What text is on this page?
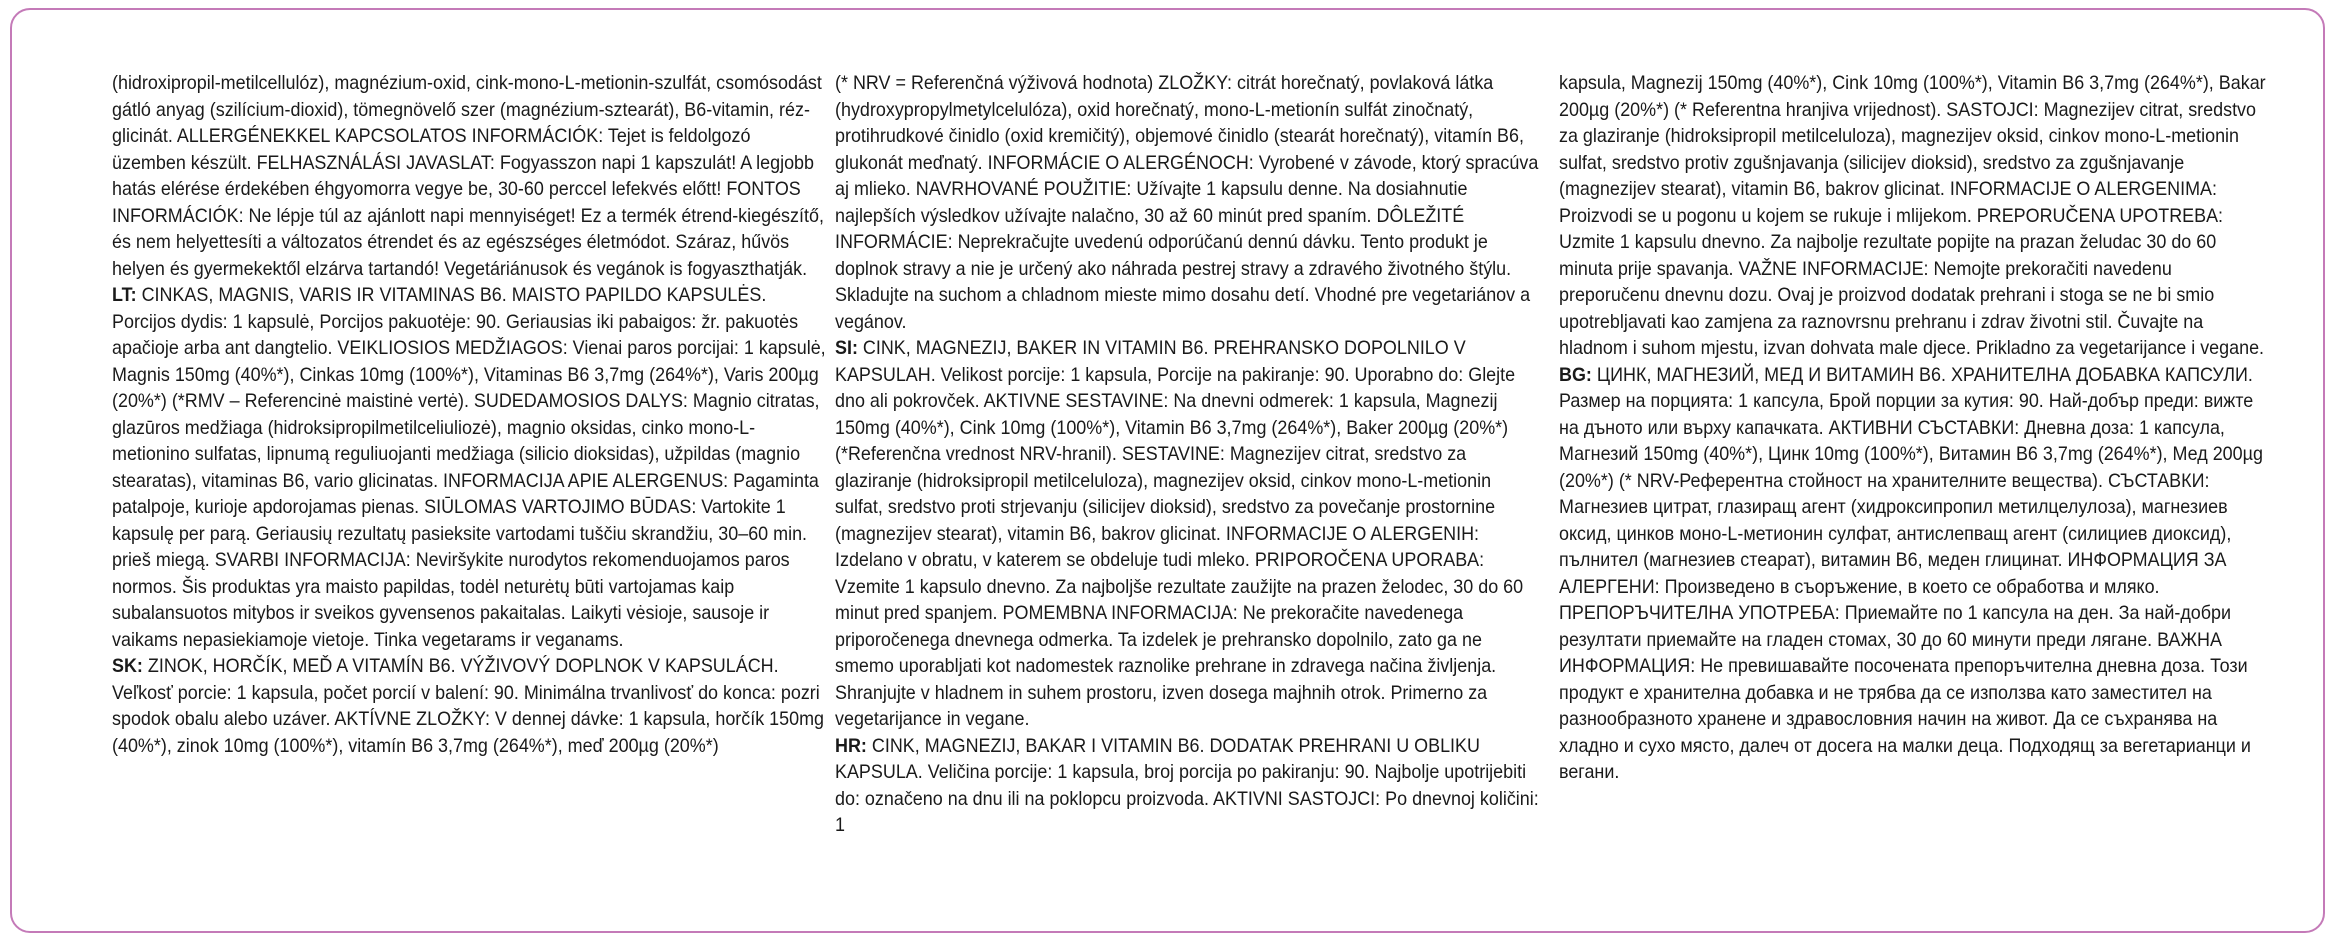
(hidroxipropil-metilcellulóz), magnézium-oxid, cink-mono-L-metionin-szulfát, csomósodást gátló anyag (szilícium-dioxid), tömegnövelő szer (magnézium-sztearát), B6-vitamin, réz-glicinát. ALLERGÉNEKKEL KAPCSOLATOS INFORMÁCIÓK: Tejet is feldolgozó üzemben készült. FELHASZNÁLÁSI JAVASLAT: Fogyasszon napi 1 kapszulát! A legjobb hatás elérése érdekében éhgyomorra vegye be, 30-60 perccel lefekvés előtt! FONTOS INFORMÁCIÓK: Ne lépje túl az ajánlott napi mennyiséget! Ez a termék étrend-kiegészítő, és nem helyettesíti a változatos étrendet és az egészséges életmódot. Száraz, hűvös helyen és gyermekektől elzárva tartandó! Vegetáriánusok és vegánok is fogyaszthatják.

LT: CINKAS, MAGNIS, VARIS IR VITAMINAS B6. MAISTO PAPILDO KAPSULĖS. Porcijos dydis: 1 kapsulė, Porcijos pakuotėje: 90. Geriausias iki pabaigos: žr. pakuotės apačioje arba ant dangtelio. VEIKLIOSIOS MEDŽIAGOS: Vienai paros porcijai: 1 kapsulė, Magnis 150mg (40%*), Cinkas 10mg (100%*), Vitaminas B6 3,7mg (264%*), Varis 200µg (20%*) (*RMV – Referencinė maistinė vertė). SUDEDAMOSIOS DALYS: Magnio citratas, glazūros medžiaga (hidroksipropilmetilceliuliozė), magnio oksidas, cinko mono-L-metionino sulfatas, lipnumą reguliuojanti medžiaga (silicio dioksidas), užpildas (magnio stearatas), vitaminas B6, vario glicinatas. INFORMACIJA APIE ALERGENUS: Pagaminta patalpoje, kurioje apdorojamas pienas. SIŪLOMAS VARTOJIMO BŪDAS: Vartokite 1 kapsulę per parą. Geriausių rezultatų pasieksite vartodami tuščiu skrandžiu, 30–60 min. prieš miegą. SVARBI INFORMACIJA: Neviršykite nurodytos rekomenduojamos paros normos. Šis produktas yra maisto papildas, todėl neturėtų būti vartojamas kaip subalansuotos mitybos ir sveikos gyvensenos pakaitalas. Laikyti vėsioje, sausoje ir vaikams nepasiekiamoje vietoje. Tinka vegetarams ir veganams.

SK: ZINOK, HORČÍK, MEĎ A VITAMÍN B6. VÝŽIVOVÝ DOPLNOK V KAPSULÁCH. Veľkosť porcie: 1 kapsula, počet porcií v balení: 90. Minimálna trvanlivosť do konca: pozri spodok obalu alebo uzáver. AKTÍVNE ZLOŽKY: V dennej dávke: 1 kapsula, horčík 150mg (40%*), zinok 10mg (100%*), vitamín B6 3,7mg (264%*), meď 200µg (20%*)

(* NRV = Referenčná výživová hodnota) ZLOŽKY: citrát horečnatý, povlaková látka (hydroxypropylmetylcelulóza), oxid horečnatý, mono-L-metionín sulfát zinočnatý, protihrudkové činidlo (oxid kremičitý), objemové činidlo (stearát horečnatý), vitamín B6, glukonát meďnatý. INFORMÁCIE O ALERGÉNOCH: Vyrobené v závode, ktorý spracúva aj mlieko. NAVRHOVANÉ POUŽITIE: Užívajte 1 kapsulu denne. Na dosiahnutie najlepších výsledkov užívajte nalačno, 30 až 60 minút pred spaním. DÔLEŽITÉ INFORMÁCIE: Neprekračujte uvedenú odporúčanú dennú dávku. Tento produkt je doplnok stravy a nie je určený ako náhrada pestrej stravy a zdravého životného štýlu. Skladujte na suchom a chladnom mieste mimo dosahu detí. Vhodné pre vegetariánov a vegánov.

SI: CINK, MAGNEZIJ, BAKER IN VITAMIN B6. PREHRANSKO DOPOLNILO V KAPSULAH. Velikost porcije: 1 kapsula, Porcije na pakiranje: 90. Uporabno do: Glejte dno ali pokrovček. AKTIVNE SESTAVINE: Na dnevni odmerek: 1 kapsula, Magnezij 150mg (40%*), Cink 10mg (100%*), Vitamin B6 3,7mg (264%*), Baker 200µg (20%*) (*Referenčna vrednost NRV-hranil). SESTAVINE: Magnezijev citrat, sredstvo za glaziranje (hidroksipropil metilceluloza), magnezijev oksid, cinkov mono-L-metionin sulfat, sredstvo proti strjevanju (silicijev dioksid), sredstvo za povečanje prostornine (magnezijev stearat), vitamin B6, bakrov glicinat. INFORMACIJE O ALERGENIH: Izdelano v obratu, v katerem se obdeluje tudi mleko. PRIPOROČENA UPORABA: Vzemite 1 kapsulo dnevno. Za najboljše rezultate zaužijte na prazen želodec, 30 do 60 minut pred spanjem. POMEMBNA INFORMACIJA: Ne prekoračite navedenega priporočenega dnevnega odmerka. Ta izdelek je prehransko dopolnilo, zato ga ne smemo uporabljati kot nadomestek raznolike prehrane in zdravega načina življenja. Shranjujte v hladnem in suhem prostoru, izven dosega majhnih otrok. Primerno za vegetarijance in vegane.

HR: CINK, MAGNEZIJ, BAKAR I VITAMIN B6. DODATAK PREHRANI U OBLIKU KAPSULA. Veličina porcije: 1 kapsula, broj porcija po pakiranju: 90. Najbolje upotrijebiti do: označeno na dnu ili na poklopcu proizvoda. AKTIVNI SASTOJCI: Po dnevnoj količini: 1

kapsula, Magnezij 150mg (40%*), Cink 10mg (100%*), Vitamin B6 3,7mg (264%*), Bakar 200µg (20%*) (* Referentna hranjiva vrijednost). SASTOJCI: Magnezijev citrat, sredstvo za glaziranje (hidroksipropil metilceluloza), magnezijev oksid, cinkov mono-L-metionin sulfat, sredstvo protiv zgušnjavanja (silicijev dioksid), sredstvo za zgušnjavanje (magnezijev stearat), vitamin B6, bakrov glicinat. INFORMACIJE O ALERGENIMA: Proizvodi se u pogonu u kojem se rukuje i mlijekom. PREPORUČENA UPOTREBA: Uzmite 1 kapsulu dnevno. Za najbolje rezultate popijte na prazan želudac 30 do 60 minuta prije spavanja. VAŽNE INFORMACIJE: Nemojte prekoračiti navedenu preporučenu dnevnu dozu. Ovaj je proizvod dodatak prehrani i stoga se ne bi smio upotrebljavati kao zamjena za raznovrsnu prehranu i zdrav životni stil. Čuvajte na hladnom i suhom mjestu, izvan dohvata male djece. Prikladno za vegetarijance i vegane.

BG: ЦИНК, МАГНЕЗИЙ, МЕД И ВИТАМИН B6. ХРАНИТЕЛНА ДОБАВКА КАПСУЛИ. Размер на порцията: 1 капсула, Брой порции за кутия: 90. Най-добър преди: вижте на дъното или върху капачката. АКТИВНИ СЪСТАВКИ: Дневна доза: 1 капсула, Магнезий 150mg (40%*), Цинк 10mg (100%*), Витамин B6 3,7mg (264%*), Мед 200µg (20%*) (* NRV-Референтна стойност на хранителните вещества). СЪСТАВКИ: Магнезиев цитрат, глазиращ агент (хидроксипропил метилцелулоза), магнезиев оксид, цинков моно-L-метионин сулфат, антислепващ агент (силициев диоксид), пълнител (магнезиев стеарат), витамин B6, меден глицинат. ИНФОРМАЦИЯ ЗА АЛЕРГЕНИ: Произведено в съоръжение, в което се обработва и мляко. ПРЕПОРЪЧИТЕЛНА УПОТРЕБА: Приемайте по 1 капсула на ден. За най-добри резултати приемайте на гладен стомах, 30 до 60 минути преди лягане. ВАЖНА ИНФОРМАЦИЯ: Не превишавайте посочената препоръчителна дневна доза. Този продукт е хранителна добавка и не трябва да се използва като заместител на разнообразното хранене и здравословния начин на живот. Да се съхранява на хладно и сухо място, далеч от досега на малки деца. Подходящ за вегетарианци и вегани.
